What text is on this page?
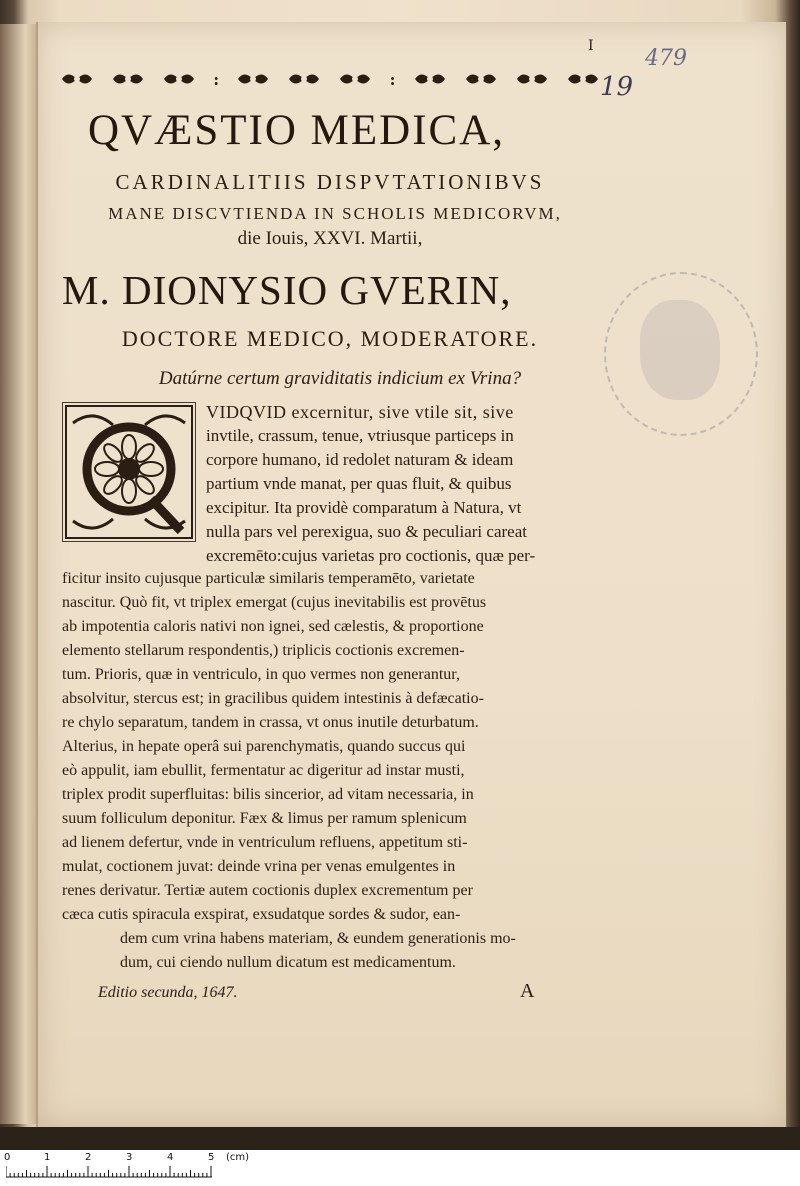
I 479
19
:	:
QVÆSTIO MEDICA,
CARDINALITIIS DISPVTATIONIBVS
MANE DISCVTIENDA IN SCHOLIS MEDICORVM,
die Iouis, XXVI. Martii,
M. DIONYSIO GVERIN,
DOCTORE MEDICO, MODERATORE.
Datúrne certum graviditatis indicium ex Vrina?
VIDQVID excernitur, sive vtile sit, sive
invtile, crassum, tenue, vtriusque particeps in
corpore humano, id redolet naturam & ideam
partium vnde manat, per quas fluit, & quibus
excipitur. Ita providè comparatum à Natura, vt
nulla pars vel perexigua, suo & peculiari careat
excremēto:cujus varietas pro coctionis, quæ per-
ficitur insito cujusque particulæ similaris temperamēto, varietate
nascitur. Quò fit, vt triplex emergat (cujus inevitabilis est provētus
ab impotentia caloris nativi non ignei, sed cælestis, & proportione
elemento stellarum respondentis,) triplicis coctionis excremen-
tum. Prioris, quæ in ventriculo, in quo vermes non generantur,
absolvitur, stercus est; in gracilibus quidem intestinis à defæcatio-
re chylo separatum, tandem in crassa, vt onus inutile deturbatum.
Alterius, in hepate operâ sui parenchymatis, quando succus qui
eò appulit, iam ebullit, fermentatur ac digeritur ad instar musti,
triplex prodit superfluitas: bilis sincerior, ad vitam necessaria, in
suum folliculum deponitur. Fæx & limus per ramum splenicum
ad lienem defertur, vnde in ventriculum refluens, appetitum sti-
mulat, coctionem juvat: deinde vrina per venas emulgentes in
renes derivatur. Tertiæ autem coctionis duplex excrementum per
cæca cutis spiracula exspirat, exsudatque sordes & sudor, ean-
dem cum vrina habens materiam, & eundem generationis mo-
dum, cui ciendo nullum dicatum est medicamentum.
Editio secunda, 1647.	A
0	1	2	3	4	5 (cm)
